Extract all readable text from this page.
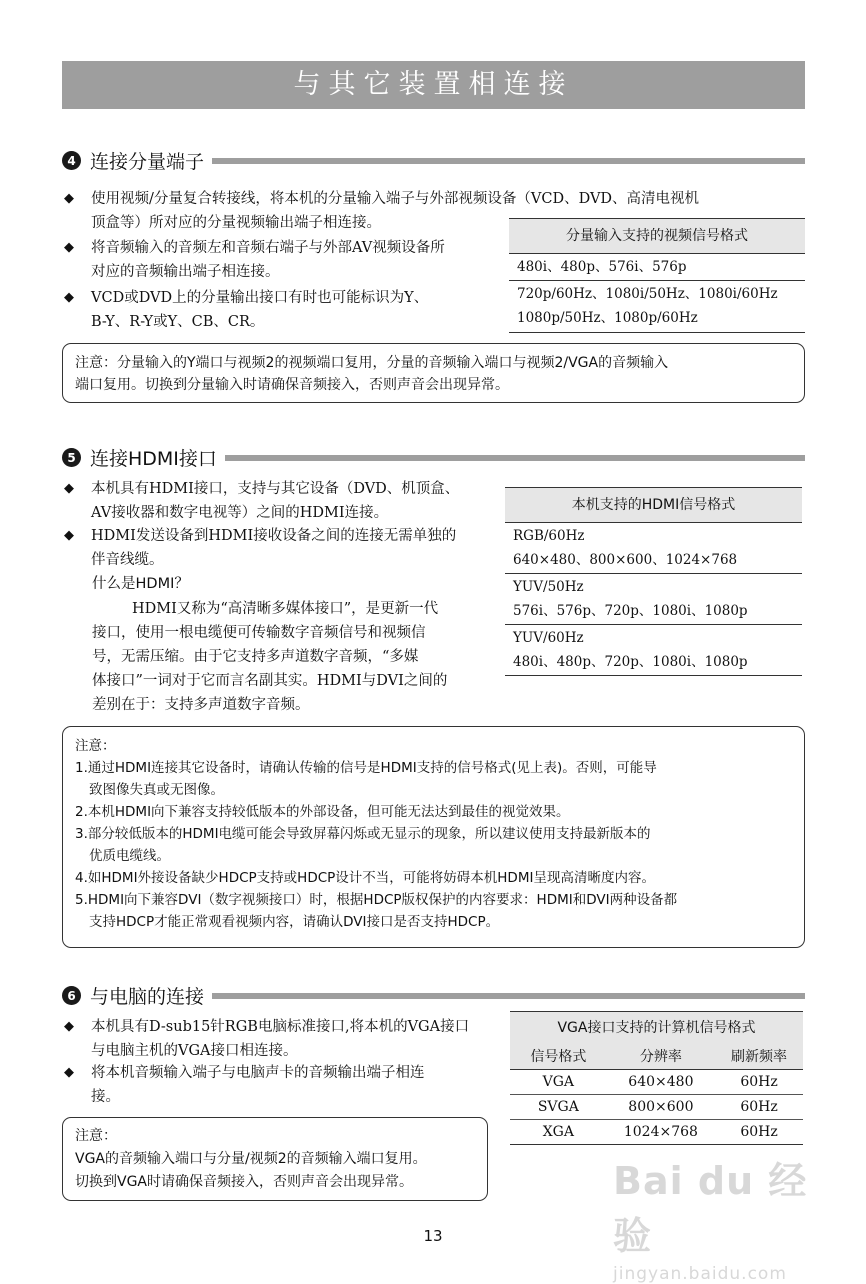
与其它装置相连接
4 连接分量端子
◆ 使用视频/分量复合转接线，将本机的分量输入端子与外部视频设备（VCD、DVD、高清电视机
顶盒等）所对应的分量视频输出端子相连接。
◆ 将音频输入的音频左和音频右端子与外部AV视频设备所
对应的音频输出端子相连接。
◆ VCD或DVD上的分量输出接口有时也可能标识为Y、
B-Y、R-Y或Y、CB、CR。
分量输入支持的视频信号格式
480i、480p、576i、576p
720p/60Hz、1080i/50Hz、1080i/60Hz
1080p/50Hz、1080p/60Hz
注意：分量输入的Y端口与视频2的视频端口复用，分量的音频输入端口与视频2/VGA的音频输入
端口复用。切换到分量输入时请确保音频接入，否则声音会出现异常。
5 连接HDMI接口
◆ 本机具有HDMI接口，支持与其它设备（DVD、机顶盒、
AV接收器和数字电视等）之间的HDMI连接。
◆ HDMI发送设备到HDMI接收设备之间的连接无需单独的
伴音线缆。
什么是HDMI？
HDMI又称为“高清晰多媒体接口”，是更新一代
接口，使用一根电缆便可传输数字音频信号和视频信
号，无需压缩。由于它支持多声道数字音频，“多媒
体接口”一词对于它而言名副其实。HDMI与DVI之间的
差别在于：支持多声道数字音频。
本机支持的HDMI信号格式
RGB/60Hz
640×480、800×600、1024×768
YUV/50Hz
576i、576p、720p、1080i、1080p
YUV/60Hz
480i、480p、720p、1080i、1080p
注意：
1.通过HDMI连接其它设备时，请确认传输的信号是HDMI支持的信号格式(见上表)。否则，可能导
致图像失真或无图像。
2.本机HDMI向下兼容支持较低版本的外部设备，但可能无法达到最佳的视觉效果。
3.部分较低版本的HDMI电缆可能会导致屏幕闪烁或无显示的现象，所以建议使用支持最新版本的
优质电缆线。
4.如HDMI外接设备缺少HDCP支持或HDCP设计不当，可能将妨碍本机HDMI呈现高清晰度内容。
5.HDMI向下兼容DVI（数字视频接口）时，根据HDCP版权保护的内容要求：HDMI和DVI两种设备都
支持HDCP才能正常观看视频内容，请确认DVI接口是否支持HDCP。
6 与电脑的连接
◆ 本机具有D-sub15针RGB电脑标准接口,将本机的VGA接口
与电脑主机的VGA接口相连接。
◆ 将本机音频输入端子与电脑声卡的音频输出端子相连
接。
注意：
VGA的音频输入端口与分量/视频2的音频输入端口复用。
切换到VGA时请确保音频接入，否则声音会出现异常。
VGA接口支持的计算机信号格式
信号格式	分辨率	刷新频率
VGA	640×480	60Hz
SVGA	800×600	60Hz
XGA	1024×768	60Hz
13
Bai du 经验
jingyan.baidu.com
